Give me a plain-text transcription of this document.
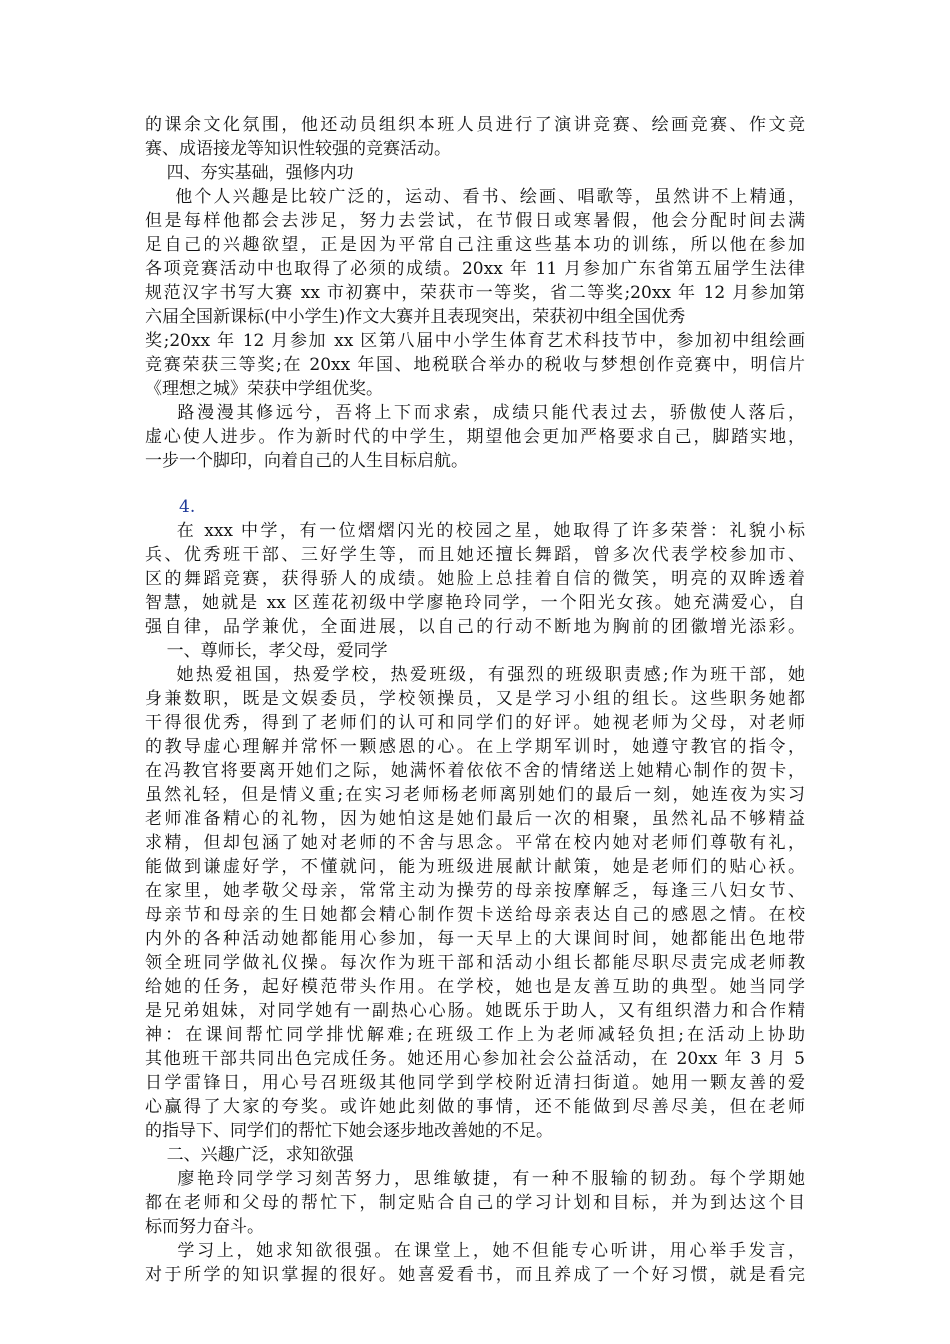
的课余文化氛围，他还动员组织本班人员进行了演讲竞赛、绘画竞赛、作文竞
赛、成语接龙等知识性较强的竞赛活动。
四、夯实基础，强修内功
他个人兴趣是比较广泛的，运动、看书、绘画、唱歌等，虽然讲不上精通，
但是每样他都会去涉足，努力去尝试，在节假日或寒暑假，他会分配时间去满
足自己的兴趣欲望，正是因为平常自己注重这些基本功的训练，所以他在参加
各项竞赛活动中也取得了必须的成绩。20xx 年 11 月参加广东省第五届学生法律
规范汉字书写大赛 xx 市初赛中，荣获市一等奖，省二等奖;20xx 年 12 月参加第
六届全国新课标(中小学生)作文大赛并且表现突出，荣获初中组全国优秀
奖;20xx 年 12 月参加 xx 区第八届中小学生体育艺术科技节中，参加初中组绘画
竞赛荣获三等奖;在 20xx 年国、地税联合举办的税收与梦想创作竞赛中，明信片
《理想之城》荣获中学组优奖。
路漫漫其修远兮，吾将上下而求索，成绩只能代表过去，骄傲使人落后，
虚心使人进步。作为新时代的中学生，期望他会更加严格要求自己，脚踏实地，
一步一个脚印，向着自己的人生目标启航。
4.
在 xxx 中学，有一位熠熠闪光的校园之星，她取得了许多荣誉：礼貌小标
兵、优秀班干部、三好学生等，而且她还擅长舞蹈，曾多次代表学校参加市、
区的舞蹈竞赛，获得骄人的成绩。她脸上总挂着自信的微笑，明亮的双眸透着
智慧，她就是 xx 区莲花初级中学廖艳玲同学，一个阳光女孩。她充满爱心，自
强自律，品学兼优，全面进展，以自己的行动不断地为胸前的团徽增光添彩。
一、尊师长，孝父母，爱同学
她热爱祖国，热爱学校，热爱班级，有强烈的班级职责感;作为班干部，她
身兼数职，既是文娱委员，学校领操员，又是学习小组的组长。这些职务她都
干得很优秀，得到了老师们的认可和同学们的好评。她视老师为父母，对老师
的教导虚心理解并常怀一颗感恩的心。在上学期军训时，她遵守教官的指令，
在冯教官将要离开她们之际，她满怀着依依不舍的情绪送上她精心制作的贺卡，
虽然礼轻，但是情义重;在实习老师杨老师离别她们的最后一刻，她连夜为实习
老师准备精心的礼物，因为她怕这是她们最后一次的相聚，虽然礼品不够精益
求精，但却包涵了她对老师的不舍与思念。平常在校内她对老师们尊敬有礼，
能做到谦虚好学，不懂就问，能为班级进展献计献策，她是老师们的贴心袄。
在家里，她孝敬父母亲，常常主动为操劳的母亲按摩解乏，每逢三八妇女节、
母亲节和母亲的生日她都会精心制作贺卡送给母亲表达自己的感恩之情。在校
内外的各种活动她都能用心参加，每一天早上的大课间时间，她都能出色地带
领全班同学做礼仪操。每次作为班干部和活动小组长都能尽职尽责完成老师教
给她的任务，起好模范带头作用。在学校，她也是友善互助的典型。她当同学
是兄弟姐妹，对同学她有一副热心心肠。她既乐于助人，又有组织潜力和合作精
神：在课间帮忙同学排忧解难;在班级工作上为老师减轻负担;在活动上协助
其他班干部共同出色完成任务。她还用心参加社会公益活动，在 20xx 年 3 月 5
日学雷锋日，用心号召班级其他同学到学校附近清扫街道。她用一颗友善的爱
心赢得了大家的夸奖。或许她此刻做的事情，还不能做到尽善尽美，但在老师
的指导下、同学们的帮忙下她会逐步地改善她的不足。
二、兴趣广泛，求知欲强
廖艳玲同学学习刻苦努力，思维敏捷，有一种不服输的韧劲。每个学期她
都在老师和父母的帮忙下，制定贴合自己的学习计划和目标，并为到达这个目
标而努力奋斗。
学习上，她求知欲很强。在课堂上，她不但能专心听讲，用心举手发言，
对于所学的知识掌握的很好。她喜爱看书，而且养成了一个好习惯，就是看完
